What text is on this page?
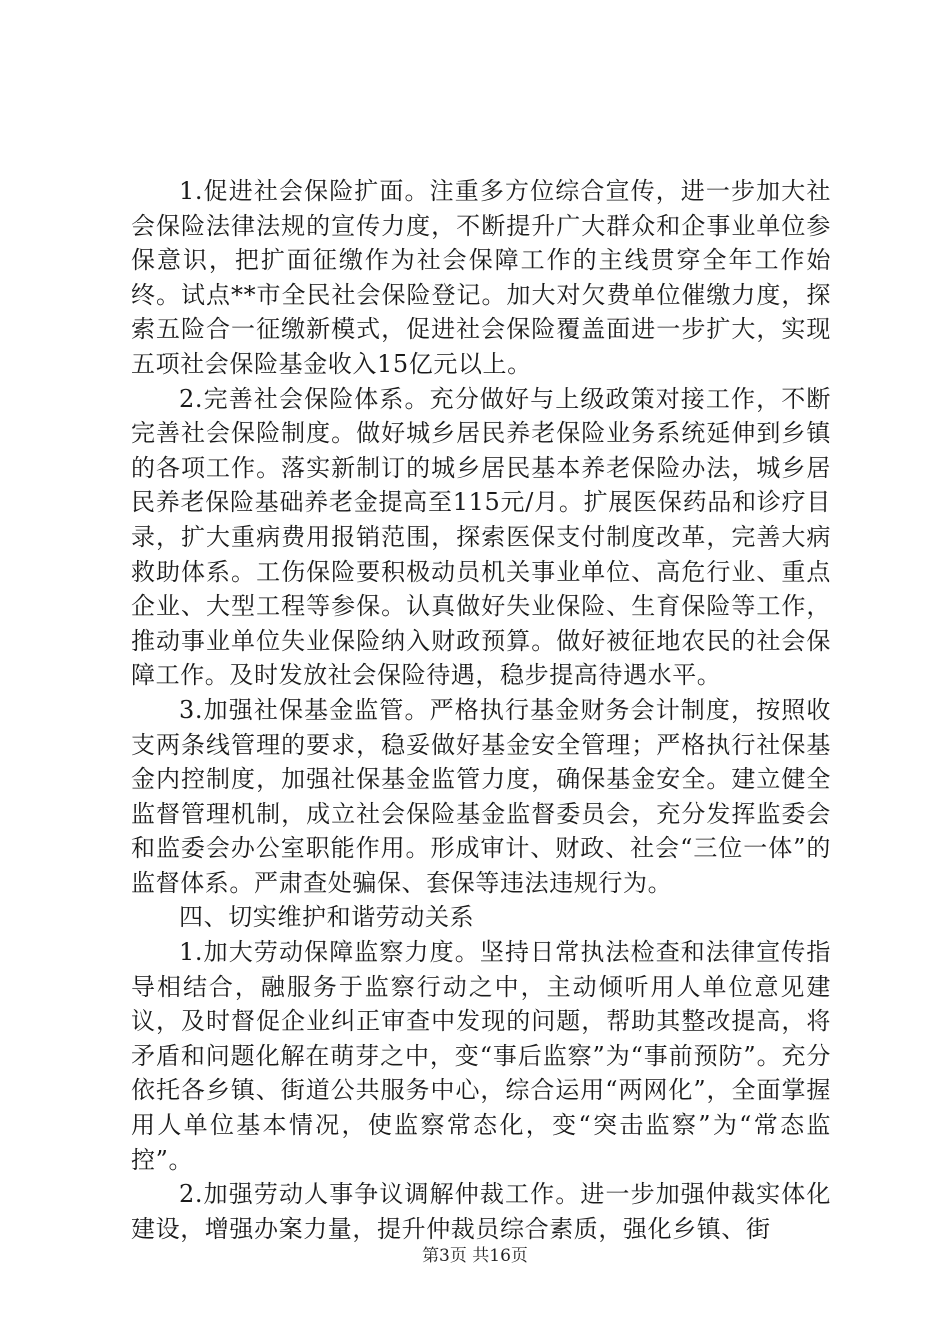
1.促进社会保险扩面。注重多方位综合宣传，进一步加大社会保险法律法规的宣传力度，不断提升广大群众和企事业单位参保意识，把扩面征缴作为社会保障工作的主线贯穿全年工作始终。试点**市全民社会保险登记。加大对欠费单位催缴力度，探索五险合一征缴新模式，促进社会保险覆盖面进一步扩大，实现五项社会保险基金收入15亿元以上。

2.完善社会保险体系。充分做好与上级政策对接工作，不断完善社会保险制度。做好城乡居民养老保险业务系统延伸到乡镇的各项工作。落实新制订的城乡居民基本养老保险办法，城乡居民养老保险基础养老金提高至115元/月。扩展医保药品和诊疗目录，扩大重病费用报销范围，探索医保支付制度改革，完善大病救助体系。工伤保险要积极动员机关事业单位、高危行业、重点企业、大型工程等参保。认真做好失业保险、生育保险等工作，推动事业单位失业保险纳入财政预算。做好被征地农民的社会保障工作。及时发放社会保险待遇，稳步提高待遇水平。

3.加强社保基金监管。严格执行基金财务会计制度，按照收支两条线管理的要求，稳妥做好基金安全管理；严格执行社保基金内控制度，加强社保基金监管力度，确保基金安全。建立健全监督管理机制，成立社会保险基金监督委员会，充分发挥监委会和监委会办公室职能作用。形成审计、财政、社会“三位一体”的监督体系。严肃查处骗保、套保等违法违规行为。

四、切实维护和谐劳动关系

1.加大劳动保障监察力度。坚持日常执法检查和法律宣传指导相结合，融服务于监察行动之中，主动倾听用人单位意见建议，及时督促企业纠正审查中发现的问题，帮助其整改提高，将矛盾和问题化解在萌芽之中，变“事后监察”为“事前预防”。充分依托各乡镇、街道公共服务中心，综合运用“两网化”，全面掌握用人单位基本情况，使监察常态化，变“突击监察”为“常态监控”。

2.加强劳动人事争议调解仲裁工作。进一步加强仲裁实体化建设，增强办案力量，提升仲裁员综合素质，强化乡镇、街

第3页 共16页
